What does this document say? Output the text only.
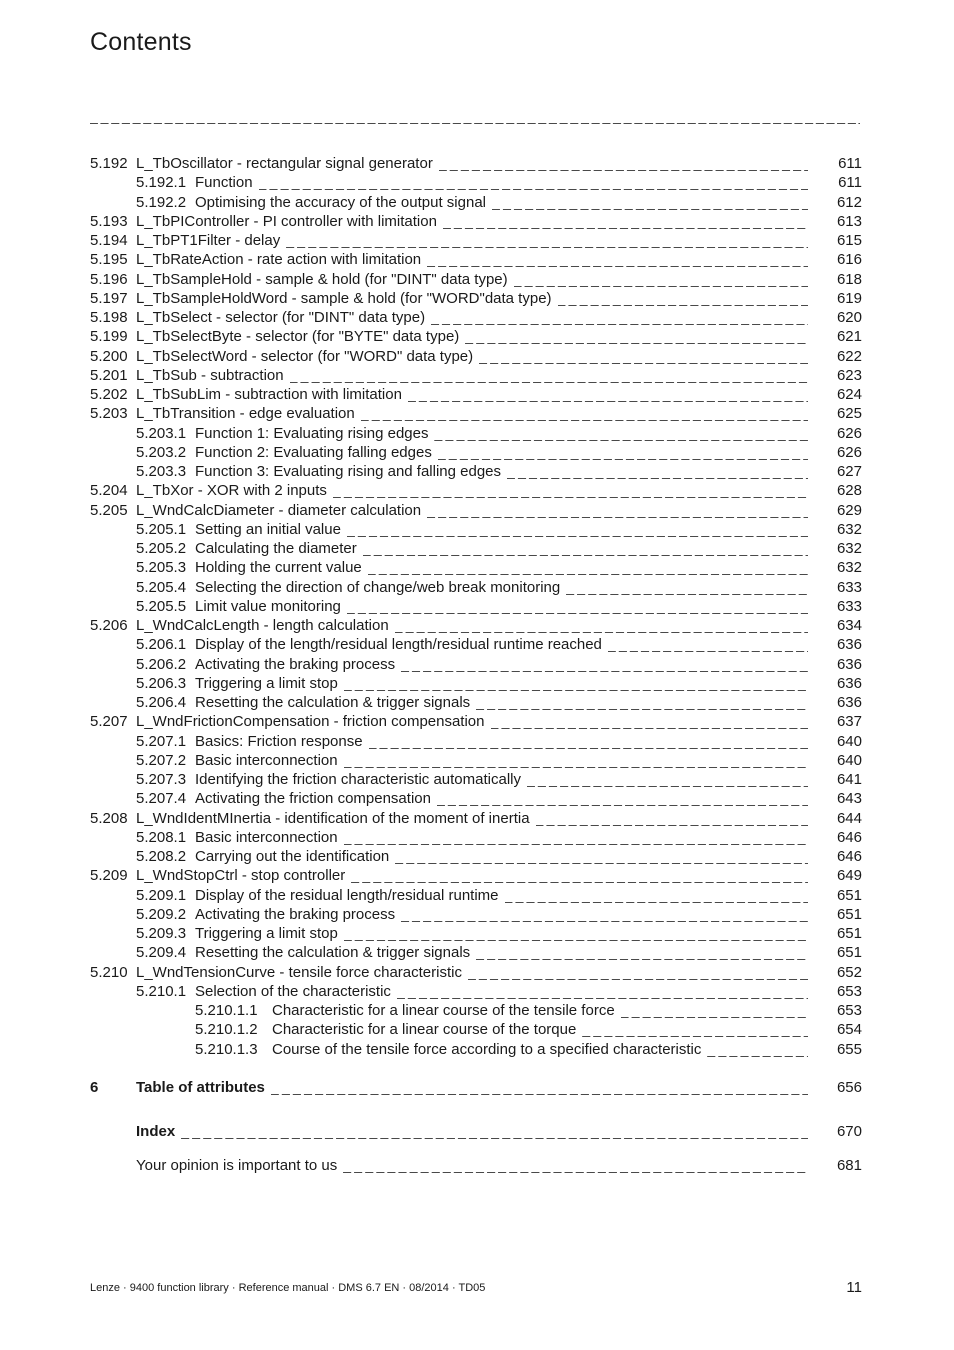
Contents
_ _ _
5.192 L_TbOscillator - rectangular signal generator _ _ _	611
5.192.1 Function _ _ _	611
5.192.2 Optimising the accuracy of the output signal _ _ _	612
5.193 L_TbPIController - PI controller with limitation _ _ _	613
5.194 L_TbPT1Filter - delay _ _ _	615
5.195 L_TbRateAction - rate action with limitation _ _ _	616
5.196 L_TbSampleHold - sample & hold (for "DINT" data type) _ _ _	618
5.197 L_TbSampleHoldWord - sample & hold (for "WORD"data type) _ _ _	619
5.198 L_TbSelect - selector (for "DINT" data type) _ _ _	620
5.199 L_TbSelectByte - selector (for "BYTE" data type) _ _ _	621
5.200 L_TbSelectWord - selector (for "WORD" data type) _ _ _	622
5.201 L_TbSub - subtraction _ _ _	623
5.202 L_TbSubLim - subtraction with limitation _ _ _	624
5.203 L_TbTransition - edge evaluation _ _ _	625
5.203.1 Function 1: Evaluating rising edges _ _ _	626
5.203.2 Function 2: Evaluating falling edges _ _ _	626
5.203.3 Function 3: Evaluating rising and falling edges _ _ _	627
5.204 L_TbXor - XOR with 2 inputs _ _ _	628
5.205 L_WndCalcDiameter - diameter calculation _ _ _	629
5.205.1 Setting an initial value _ _ _	632
5.205.2 Calculating the diameter _ _ _	632
5.205.3 Holding the current value _ _ _	632
5.205.4 Selecting the direction of change/web break monitoring _ _ _	633
5.205.5 Limit value monitoring _ _ _	633
5.206 L_WndCalcLength - length calculation _ _ _	634
5.206.1 Display of the length/residual length/residual runtime reached _ _ _	636
5.206.2 Activating the braking process _ _ _	636
5.206.3 Triggering a limit stop _ _ _	636
5.206.4 Resetting the calculation & trigger signals _ _ _	636
5.207 L_WndFrictionCompensation - friction compensation _ _ _	637
5.207.1 Basics: Friction response _ _ _	640
5.207.2 Basic interconnection _ _ _	640
5.207.3 Identifying the friction characteristic automatically _ _ _	641
5.207.4 Activating the friction compensation _ _ _	643
5.208 L_WndIdentMInertia - identification of the moment of inertia _ _ _	644
5.208.1 Basic interconnection _ _ _	646
5.208.2 Carrying out the identification _ _ _	646
5.209 L_WndStopCtrl - stop controller _ _ _	649
5.209.1 Display of the residual length/residual runtime _ _ _	651
5.209.2 Activating the braking process _ _ _	651
5.209.3 Triggering a limit stop _ _ _	651
5.209.4 Resetting the calculation & trigger signals _ _ _	651
5.210 L_WndTensionCurve - tensile force characteristic _ _ _	652
5.210.1 Selection of the characteristic _ _ _	653
5.210.1.1 Characteristic for a linear course of the tensile force _ _ _	653
5.210.1.2 Characteristic for a linear course of the torque _ _ _	654
5.210.1.3 Course of the tensile force according to a specified characteristic _ _ _	655
6	Table of attributes _ _ _	656
Index _ _ _	670
Your opinion is important to us _ _ _	681
Lenze · 9400 function library · Reference manual · DMS 6.7 EN · 08/2014 · TD05	11
